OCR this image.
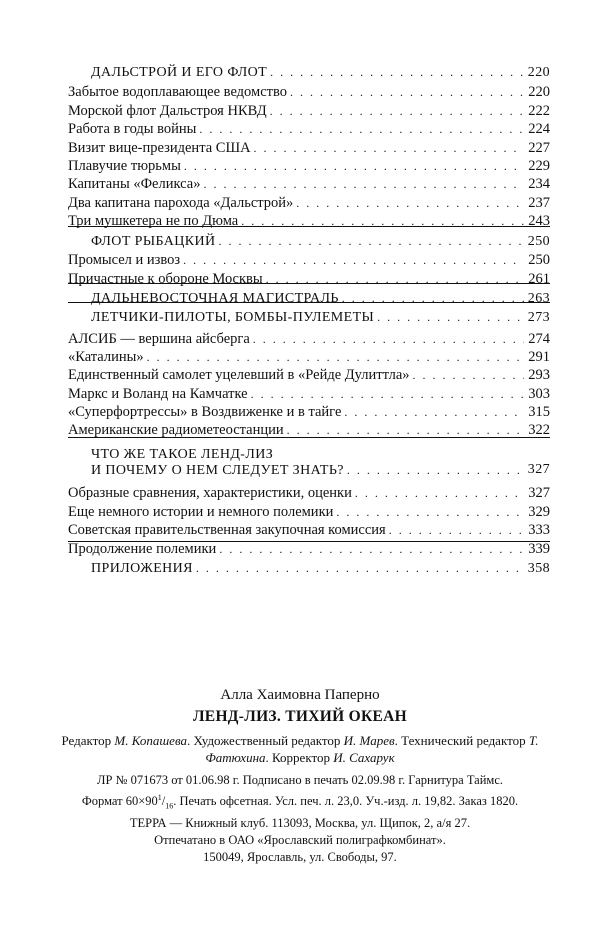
ДАЛЬСТРОЙ И ЕГО ФЛОТ . . .	220
Забытое водоплавающее ведомство . . .	220
Морской флот Дальстроя НКВД . . .	222
Работа в годы войны . . .	224
Визит вице-президента США . . .	227
Плавучие тюрьмы . . .	229
Капитаны «Феликса» . . .	234
Два капитана парохода «Дальстрой» . . .	237
Три мушкетера не по Дюма . . .	243
ФЛОТ РЫБАЦКИЙ . . .	250
Промысел и извоз . . .	250
Причастные к обороне Москвы . . .	261
ДАЛЬНЕВОСТОЧНАЯ МАГИСТРАЛЬ . . .	263
ЛЕТЧИКИ-ПИЛОТЫ, БОМБЫ-ПУЛЕМЕТЫ . . .	273
АЛСИБ — вершина айсберга . . .	274
«Каталины» . . .	291
Единственный самолет уцелевший в «Рейде Дулиттла» . . .	293
Маркс и Воланд на Камчатке . . .	303
«Суперфортрессы» в Воздвиженке и в тайге . . .	315
Американские радиометеостанции . . .	322
ЧТО ЖЕ ТАКОЕ ЛЕНД-ЛИЗ
И ПОЧЕМУ О НЕМ СЛЕДУЕТ ЗНАТЬ? . . .	327
Образные сравнения, характеристики, оценки . . .	327
Еще немного истории и немного полемики . . .	329
Советская правительственная закупочная комиссия . . .	333
Продолжение полемики . . .	339
ПРИЛОЖЕНИЯ . . .	358
Алла Хаимовна Паперно
ЛЕНД-ЛИЗ. ТИХИЙ ОКЕАН
Редактор М. Копашева. Художественный редактор И. Марев. Технический редактор Т. Фатюхина. Корректор И. Сахарук
ЛР № 071673 от 01.06.98 г. Подписано в печать 02.09.98 г. Гарнитура Таймс.
Формат $60\times 90^1/_{16}$. Печать офсетная. Усл. печ. л. 23,0. Уч.-изд. л. 19,82. Заказ 1820.
ТЕРРА — Книжный клуб. 113093, Москва, ул. Щипок, 2, а/я 27.
Отпечатано в ОАО «Ярославский полиграфкомбинат».
150049, Ярославль, ул. Свободы, 97.
